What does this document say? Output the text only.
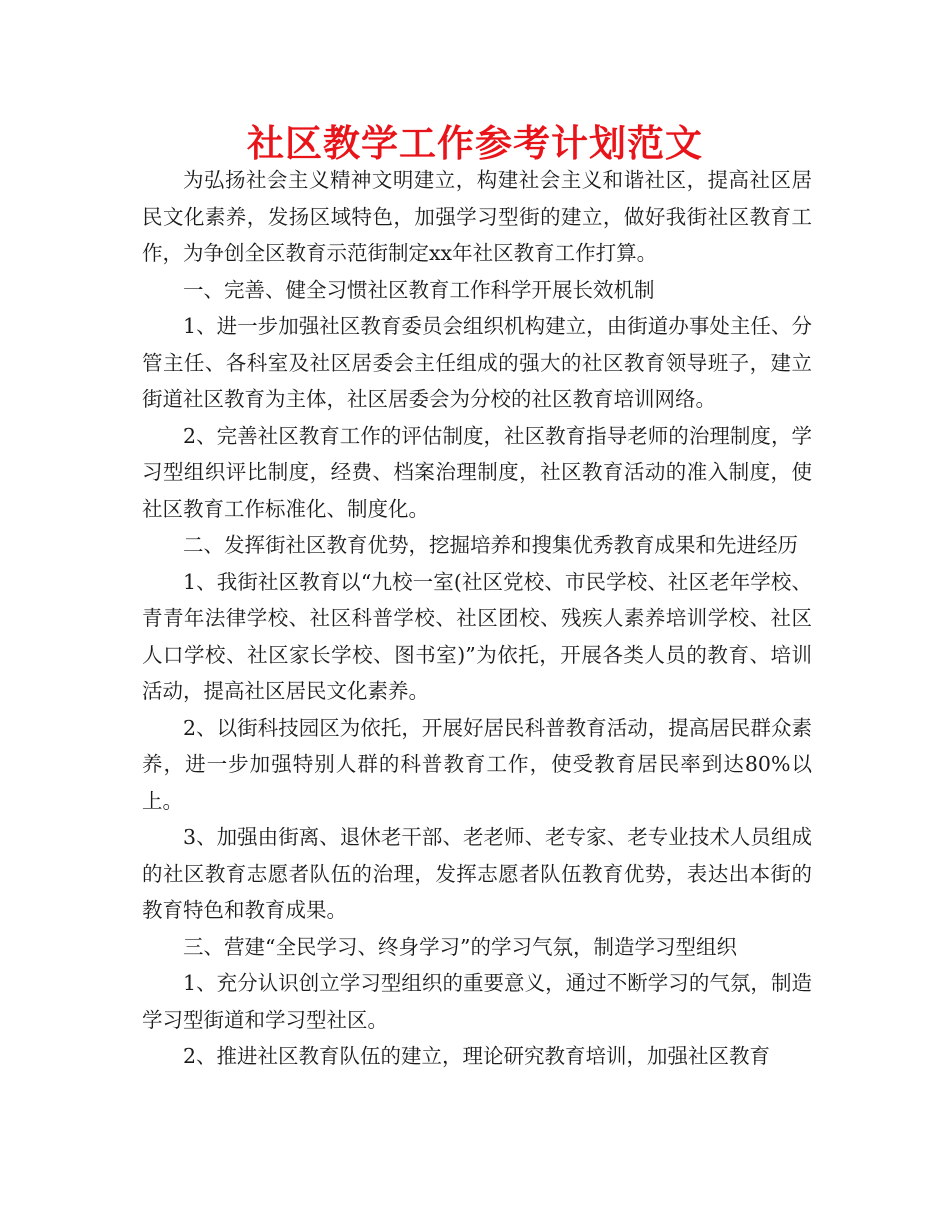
社区教学工作参考计划范文

为弘扬社会主义精神文明建立，构建社会主义和谐社区，提高社区居民文化素养，发扬区域特色，加强学习型街的建立，做好我街社区教育工作，为争创全区教育示范街制定xx年社区教育工作打算。

一、完善、健全习惯社区教育工作科学开展长效机制

1、进一步加强社区教育委员会组织机构建立，由街道办事处主任、分管主任、各科室及社区居委会主任组成的强大的社区教育领导班子，建立街道社区教育为主体，社区居委会为分校的社区教育培训网络。

2、完善社区教育工作的评估制度，社区教育指导老师的治理制度，学习型组织评比制度，经费、档案治理制度，社区教育活动的准入制度，使社区教育工作标准化、制度化。

二、发挥街社区教育优势，挖掘培养和搜集优秀教育成果和先进经历

1、我街社区教育以“九校一室(社区党校、市民学校、社区老年学校、青青年法律学校、社区科普学校、社区团校、残疾人素养培训学校、社区人口学校、社区家长学校、图书室)”为依托，开展各类人员的教育、培训活动，提高社区居民文化素养。

2、以街科技园区为依托，开展好居民科普教育活动，提高居民群众素养，进一步加强特别人群的科普教育工作，使受教育居民率到达80%以上。

3、加强由街离、退休老干部、老老师、老专家、老专业技术人员组成的社区教育志愿者队伍的治理，发挥志愿者队伍教育优势，表达出本街的教育特色和教育成果。

三、营建“全民学习、终身学习”的学习气氛，制造学习型组织

1、充分认识创立学习型组织的重要意义，通过不断学习的气氛，制造学习型街道和学习型社区。

2、推进社区教育队伍的建立，理论研究教育培训，加强社区教育
